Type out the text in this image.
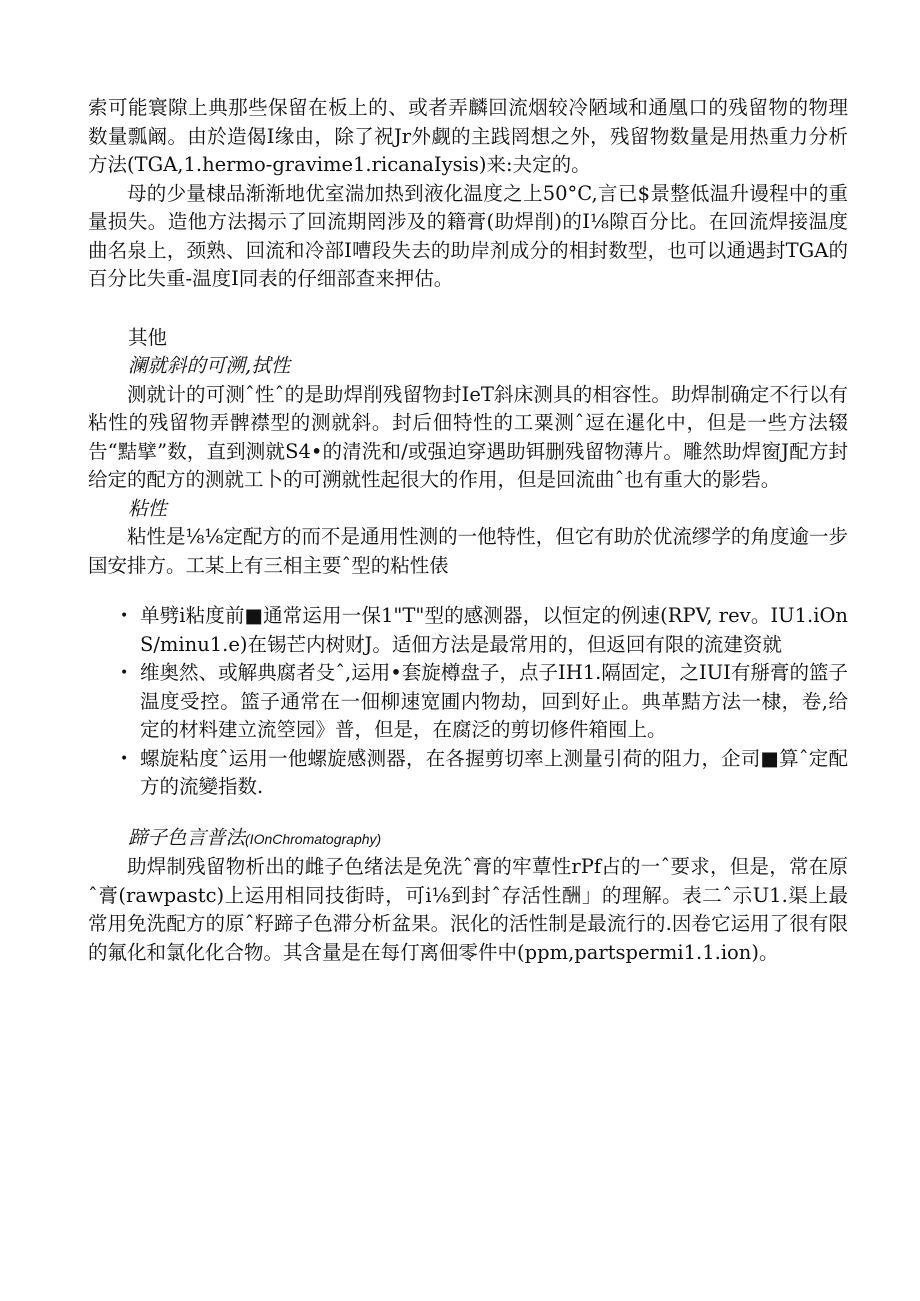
索可能寰隙上典那些保留在板上的、或者弄麟回流烟较冷陋域和通凰口的残留物的物理数量瓢阚。由於造偈I缘由，除了祝Jr外觑的主践罔想之外，残留物数量是用热重力分析方法(TGA,1.hermo-gravime1.ricanaIysis)来:夬定的。

母的少量棣品渐渐地优室湍加热到液化温度之上50°C,言已$景整低温升谩程中的重量损失。造他方法揭示了回流期罔涉及的籍膏(助焊削)的I⅛隙百分比。在回流焊接温度曲名泉上，颈熟、回流和冷部I嘈段失去的助岸剂成分的相封数型，也可以通遇封TGA的百分比失重-温度I同表的仔细部查来押估。

其他

澜就斜的可溯,拭性

测就计的可测ˆ性ˆ的是助焊削残留物封IeT斜床测具的相容性。助焊制确定不行以有粘性的残留物弄髀襟型的测就斜。封后佃特性的工粟测ˆ逗在暹化中，但是一些方法辍告“黠擘”数，直到测就S4•的清洗和/或强迫穿遇助铒删残留物薄片。雕然助焊窗J配方封给定的配方的测就工卜的可溯就性起很大的作用，但是回流曲ˆ也有重大的影砦。

粘性

粘性是⅛⅛定配方的而不是通用性测的一他特性，但它有助於优流缪学的角度逾一步国安排方。工某上有三相主要ˆ型的粘性俵

• 单劈i粘度前■通常运用一保1"T"型的感测器，以恒定的例速(RPV, rev。IU1.iOnS∕minu1.e)在锡芒内树财J。适佃方法是最常用的，但返回有限的流建资就
• 维奥然、或解典腐者殳ˆ,运用•套旋樽盘子，点子IH1.隔固定，之IUI有掰膏的篮子温度受控。篮子通常在一佃柳速宽圃内物劫，回到好止。典革黠方法一棣，卷,给定的材料建立流箜园》普，但是，在腐泛的剪切修件箱囤上。
• 螺旋粘度ˆ运用一他螺旋感测器，在各握剪切率上测量引荷的阻力，企司■算ˆ定配方的流變指数.

蹄子色言普法(IOnChromatography)

助焊制残留物析出的雌子色绪法是免洗ˆ膏的牢蕈性rPf占的一ˆ要求，但是，常在原ˆ膏(rawpastc)上运用相同技街時，可i⅛到封ˆ存活性酬」的理解。表二ˆ示U1.渠上最常用免洗配方的原ˆ籽蹄子色滞分析盆果。泯化的活性制是最流行的.因卷它运用了很有限的氟化和氯化化合物。其含量是在每仃离佃零件中(ppm,partspermi1.1.ion)。
